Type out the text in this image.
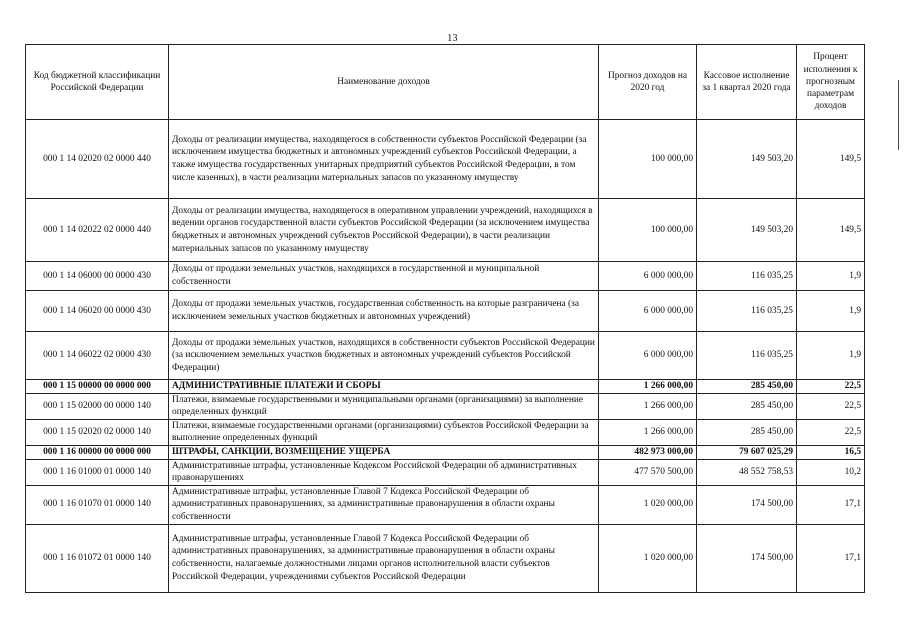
13
Код бюджетной классификации Российской Федерации	Наименование доходов	Прогноз доходов на 2020 год	Кассовое исполнение за 1 квартал 2020 года	Процент исполнения к прогнозным параметрам доходов
000 1 14 02020 02 0000 440	Доходы от реализации имущества, находящегося в собственности субъектов Российской Федерации (за исключением имущества бюджетных и автономных учреждений субъектов Российской Федерации, а также имущества государственных унитарных предприятий субъектов Российской Федерации, в том числе казенных), в части реализации материальных запасов по указанному имуществу	100 000,00	149 503,20	149,5
000 1 14 02022 02 0000 440	Доходы от реализации имущества, находящегося в оперативном управлении учреждений, находящихся в ведении органов государственной власти субъектов Российской Федерации (за исключением имущества бюджетных и автономных учреждений субъектов Российской Федерации), в части реализации материальных запасов по указанному имуществу	100 000,00	149 503,20	149,5
000 1 14 06000 00 0000 430	Доходы от продажи земельных участков, находящихся в государственной и муниципальной собственности	6 000 000,00	116 035,25	1,9
000 1 14 06020 00 0000 430	Доходы от продажи земельных участков, государственная собственность на которые разграничена (за исключением земельных участков бюджетных и автономных учреждений)	6 000 000,00	116 035,25	1,9
000 1 14 06022 02 0000 430	Доходы от продажи земельных участков, находящихся в собственности субъектов Российской Федерации (за исключением земельных участков бюджетных и автономных учреждений субъектов Российской Федерации)	6 000 000,00	116 035,25	1,9
000 1 15 00000 00 0000 000	АДМИНИСТРАТИВНЫЕ ПЛАТЕЖИ И СБОРЫ	1 266 000,00	285 450,00	22,5
000 1 15 02000 00 0000 140	Платежи, взимаемые государственными и муниципальными органами (организациями) за выполнение определенных функций	1 266 000,00	285 450,00	22,5
000 1 15 02020 02 0000 140	Платежи, взимаемые государственными органами (организациями) субъектов Российской Федерации за выполнение определенных функций	1 266 000,00	285 450,00	22,5
000 1 16 00000 00 0000 000	ШТРАФЫ, САНКЦИИ, ВОЗМЕЩЕНИЕ УЩЕРБА	482 973 000,00	79 607 025,29	16,5
000 1 16 01000 01 0000 140	Административные штрафы, установленные Кодексом Российской Федерации об административных правонарушениях	477 570 500,00	48 552 758,53	10,2
000 1 16 01070 01 0000 140	Административные штрафы, установленные Главой 7 Кодекса Российской Федерации об административных правонарушениях, за административные правонарушения в области охраны собственности	1 020 000,00	174 500,00	17,1
000 1 16 01072 01 0000 140	Административные штрафы, установленные Главой 7 Кодекса Российской Федерации об административных правонарушениях, за административные правонарушения в области охраны собственности, налагаемые должностными лицами органов исполнительной власти субъектов Российской Федерации, учреждениями субъектов Российской Федерации	1 020 000,00	174 500,00	17,1
